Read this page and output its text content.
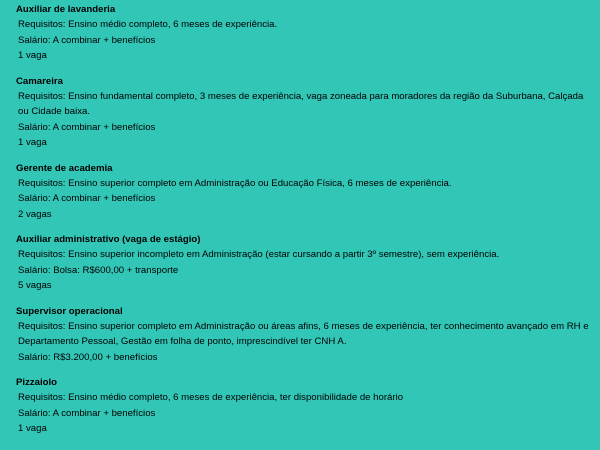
Auxiliar de lavanderia
Requisitos: Ensino médio completo, 6 meses de experiência.
Salário: A combinar + benefícios
1 vaga
Camareira
Requisitos: Ensino fundamental completo, 3 meses de experiência, vaga zoneada para moradores da região da Suburbana, Calçada ou Cidade baixa.
Salário: A combinar + benefícios
1 vaga
Gerente de academia
Requisitos: Ensino superior completo em Administração ou Educação Física, 6 meses de experiência.
Salário: A combinar + benefícios
2 vagas
Auxiliar administrativo (vaga de estágio)
Requisitos: Ensino superior incompleto em Administração (estar cursando a partir 3º semestre), sem experiência.
Salário: Bolsa: R$600,00 + transporte
5 vagas
Supervisor operacional
Requisitos: Ensino superior completo em Administração ou áreas afins, 6 meses de experiência, ter conhecimento avançado em RH e Departamento Pessoal, Gestão em folha de ponto, imprescindível ter CNH A.
Salário: R$3.200,00 + benefícios
Pizzaiolo
Requisitos: Ensino médio completo, 6 meses de experiência, ter disponibilidade de horário
Salário: A combinar + benefícios
1 vaga
